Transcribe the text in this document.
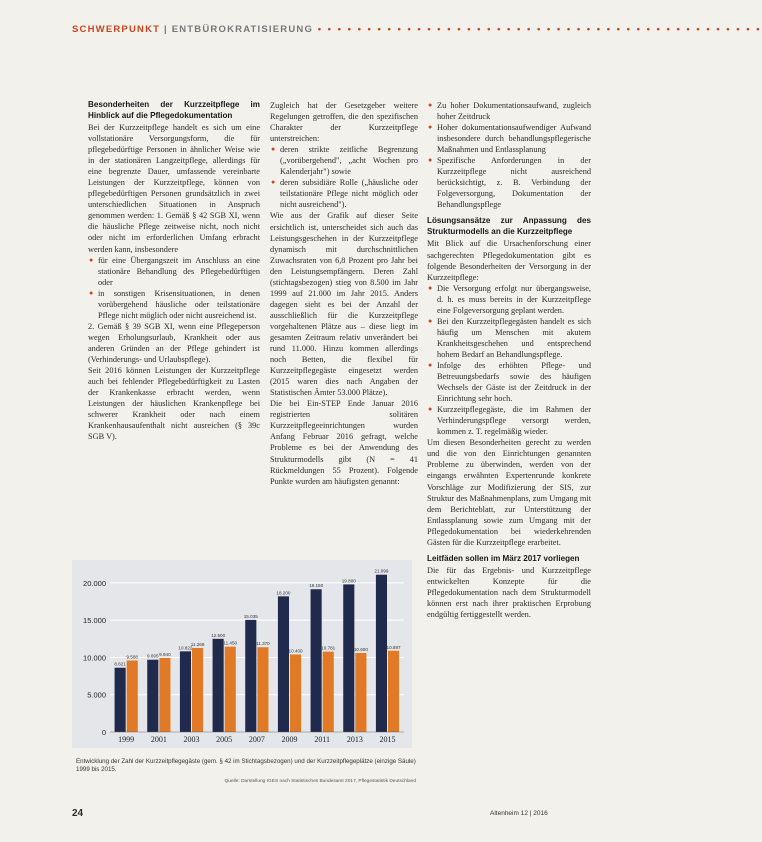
SCHWERPUNKT | ENTBÜROKRATISIERUNG • • • • • • • • • • • • • • • • • • • • • • • • • • • • • • • • • • • • • • • • • • • • •

Besonderheiten der Kurzzeitpflege im Hinblick auf die Pflegedokumentation

Bei der Kurzzeitpflege handelt es sich um eine vollstationäre Versorgungsform, die für pflegebedürftige Personen in ähnlicher Weise wie in der stationären Langzeitpflege, allerdings für eine begrenzte Dauer, umfassende vereinbarte Leistungen der Kurzzeitpflege, können von pflegebedürftigen Personen grundsätzlich in zwei unterschiedlichen Situationen in Anspruch genommen werden: 1. Gemäß § 42 SGB XI, wenn die häusliche Pflege zeitweise nicht, noch nicht oder nicht im erforderlichen Umfang erbracht werden kann, insbesondere

● für eine Übergangszeit im Anschluss an eine stationäre Behandlung des Pflegebedürftigen oder
● in sonstigen Krisensituationen, in denen vorübergehend häusliche oder teilstationäre Pflege nicht möglich oder nicht ausreichend ist.

2. Gemäß § 39 SGB XI, wenn eine Pflegeperson wegen Erholungsurlaub, Krankheit oder aus anderen Gründen an der Pflege gehindert ist (Verhinderungs- und Urlaubspflege).

Seit 2016 können Leistungen der Kurzzeitpflege auch bei fehlender Pflegebedürftigkeit zu Lasten der Krankenkasse erbracht werden, wenn Leistungen der häuslichen Krankenpflege bei schwerer Krankheit oder nach einem Krankenhausaufenthalt nicht ausreichen (§ 39c SGB V).

Zugleich hat der Gesetzgeber weitere Regelungen getroffen, die den spezifischen Charakter der Kurzzeitpflege unterstreichen:

● deren strikte zeitliche Begrenzung („vorübergehend", „acht Wochen pro Kalenderjahr") sowie
● deren subsidiäre Rolle („häusliche oder teilstationäre Pflege nicht möglich oder nicht ausreichend").

Wie aus der Grafik auf dieser Seite ersichtlich ist, unterscheidet sich auch das Leistungsgeschehen in der Kurzzeitpflege dynamisch mit durchschnittlichen Zuwachsraten von 6,8 Prozent pro Jahr bei den Leistungsempfängern. Deren Zahl (stichtagsbezogen) stieg von 8.500 im Jahr 1999 auf 21.000 im Jahr 2015. Anders dagegen sieht es bei der Anzahl der ausschließlich für die Kurzzeitpflege vorgehaltenen Plätze aus – diese liegt im gesamten Zeitraum relativ unverändert bei rund 11.000. Hinzu kommen allerdings noch Betten, die flexibel für Kurzzeitpflegegäste eingesetzt werden (2015 waren dies nach Angaben der Statistischen Ämter 53.000 Plätze).

Die bei Ein-STEP Ende Januar 2016 registrierten solitären Kurzzeitpflegeeinrichtungen wurden Anfang Februar 2016 gefragt, welche Probleme es bei der Anwendung des Strukturmodells gibt (N = 41 Rückmeldungen 55 Prozent). Folgende Punkte wurden am häufigsten genannt:

● Zu hoher Dokumentationsaufwand, zugleich hoher Zeitdruck
● Hoher dokumentationsaufwendiger Aufwand insbesondere durch behandlungspflegerische Maßnahmen und Entlassplanung
● Spezifische Anforderungen in der Kurzzeitpflege nicht ausreichend berücksichtigt, z. B. Verbindung der Folgeversorgung, Dokumentation der Behandlungspflege

Lösungsansätze zur Anpassung des Strukturmodells an die Kurzzeitpflege

Mit Blick auf die Ursachenforschung einer sachgerechten Pflegedokumentation gibt es folgende Besonderheiten der Versorgung in der Kurzzeitpflege:

● Die Versorgung erfolgt nur übergangsweise, d. h. es muss bereits in der Kurzzeitpflege eine Folgeversorgung geplant werden.
● Bei den Kurzzeitpflegegästen handelt es sich häufig um Menschen mit akutem Krankheitsgeschehen und entsprechend hohem Bedarf an Behandlungspflege.
● Infolge des erhöhten Pflege- und Betreuungsbedarfs sowie des häufigen Wechsels der Gäste ist der Zeitdruck in der Einrichtung sehr hoch.
● Kurzzeitpflegegäste, die im Rahmen der Verhinderungspflege versorgt werden, kommen z. T. regelmäßig wieder.

Um diesen Besonderheiten gerecht zu werden und die von den Einrichtungen genannten Probleme zu überwinden, werden von der eingangs erwähnten Expertenrunde konkrete Vorschläge zur Modifizierung der SIS, zur Struktur des Maßnahmenplans, zum Umgang mit dem Berichteblatt, zur Unterstützung der Entlassplanung sowie zum Umgang mit der Pflegedokumentation bei wiederkehrenden Gästen für die Kurzzeitpflege erarbeitet.

Leitfäden sollen im März 2017 vorliegen

Die für das Ergebnis- und Kurzzeitpflege entwickelten Konzepte für die Pflegedokumentation nach dem Strukturmodell können erst nach ihrer praktischen Erprobung endgültig fertiggestellt werden.

20.000
15.000
10.000
5.000
0
8.621
9.588
1999
9.695 9.940
2001
10.822
11.268
2003
12.500
11.450
2005
15.035
11.370
2007
18.200
10.400
2009
19.150
10.781
2011
19.800
10.600
2013
21.099
10.897
2015
Entwicklung der Zahl der Kurzzeitpflegegäste (gem. § 42 im Stichtagsbezogen) und der Kurzzeitpflegeplätze (einzige Säule) 1999 bis 2015.
Quelle: Darstellung IGES nach Statistisches Bundesamt 2017, Pflegestatistik Deutschland
24	Altenheim 12 | 2016
